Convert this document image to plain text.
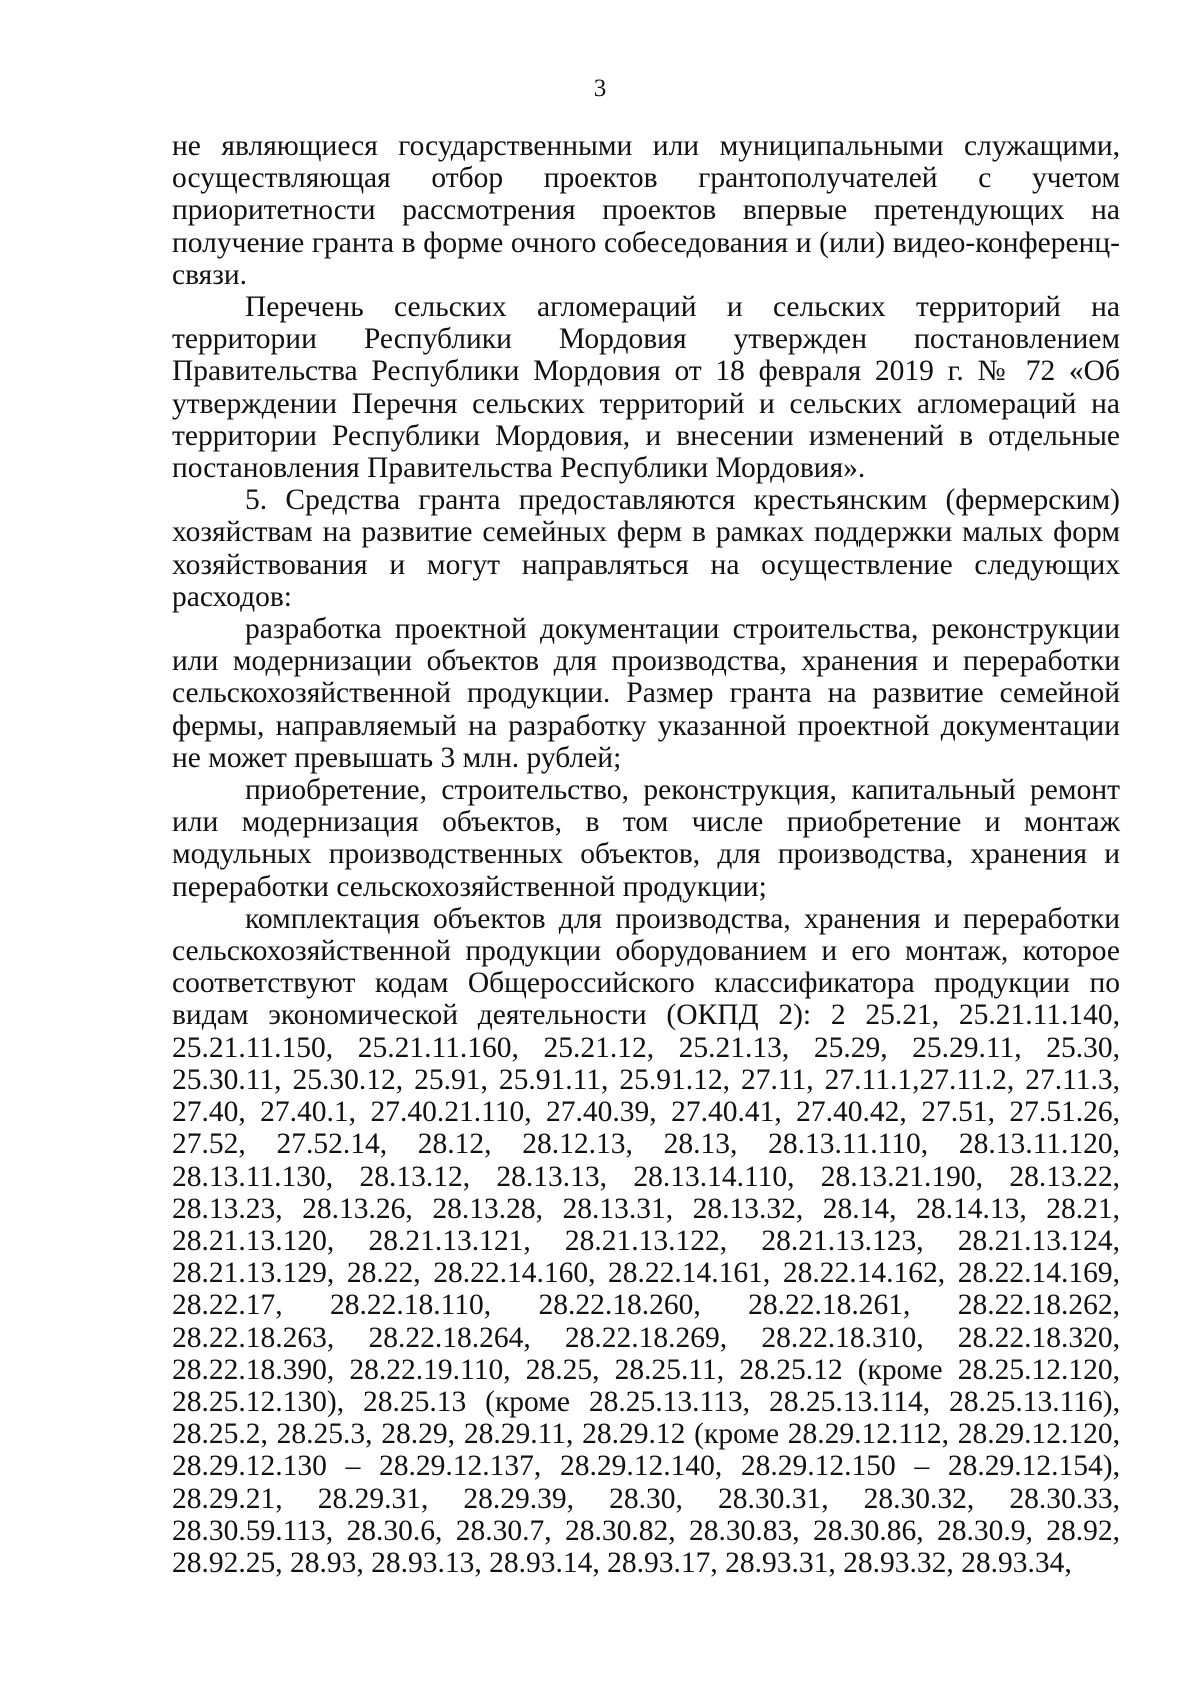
3

не являющиеся государственными или муниципальными служащими, осуществляющая отбор проектов грантополучателей с учетом приоритетности рассмотрения проектов впервые претендующих на получение гранта в форме очного собеседования и (или) видео-конференц-связи.

Перечень сельских агломераций и сельских территорий на территории Республики Мордовия утвержден постановлением Правительства Республики Мордовия от 18 февраля 2019 г. № 72 «Об утверждении Перечня сельских территорий и сельских агломераций на территории Республики Мордовия, и внесении изменений в отдельные постановления Правительства Республики Мордовия».

5. Средства гранта предоставляются крестьянским (фермерским) хозяйствам на развитие семейных ферм в рамках поддержки малых форм хозяйствования и могут направляться на осуществление следующих расходов:

разработка проектной документации строительства, реконструкции или модернизации объектов для производства, хранения и переработки сельскохозяйственной продукции. Размер гранта на развитие семейной фермы, направляемый на разработку указанной проектной документации не может превышать 3 млн. рублей;

приобретение, строительство, реконструкция, капитальный ремонт или модернизация объектов, в том числе приобретение и монтаж модульных производственных объектов, для производства, хранения и переработки сельскохозяйственной продукции;

комплектация объектов для производства, хранения и переработки сельскохозяйственной продукции оборудованием и его монтаж, которое соответствуют кодам Общероссийского классификатора продукции по видам экономической деятельности (ОКПД 2): 2 25.21, 25.21.11.140, 25.21.11.150, 25.21.11.160, 25.21.12, 25.21.13, 25.29, 25.29.11, 25.30, 25.30.11, 25.30.12, 25.91, 25.91.11, 25.91.12, 27.11, 27.11.1,27.11.2, 27.11.3, 27.40, 27.40.1, 27.40.21.110, 27.40.39, 27.40.41, 27.40.42, 27.51, 27.51.26, 27.52, 27.52.14, 28.12, 28.12.13, 28.13, 28.13.11.110, 28.13.11.120, 28.13.11.130, 28.13.12, 28.13.13, 28.13.14.110, 28.13.21.190, 28.13.22, 28.13.23, 28.13.26, 28.13.28, 28.13.31, 28.13.32, 28.14, 28.14.13, 28.21, 28.21.13.120, 28.21.13.121, 28.21.13.122, 28.21.13.123, 28.21.13.124, 28.21.13.129, 28.22, 28.22.14.160, 28.22.14.161, 28.22.14.162, 28.22.14.169, 28.22.17, 28.22.18.110, 28.22.18.260, 28.22.18.261, 28.22.18.262, 28.22.18.263, 28.22.18.264, 28.22.18.269, 28.22.18.310, 28.22.18.320, 28.22.18.390, 28.22.19.110, 28.25, 28.25.11, 28.25.12 (кроме 28.25.12.120, 28.25.12.130), 28.25.13 (кроме 28.25.13.113, 28.25.13.114, 28.25.13.116), 28.25.2, 28.25.3, 28.29, 28.29.11, 28.29.12 (кроме 28.29.12.112, 28.29.12.120, 28.29.12.130 – 28.29.12.137, 28.29.12.140, 28.29.12.150 – 28.29.12.154), 28.29.21, 28.29.31, 28.29.39, 28.30, 28.30.31, 28.30.32, 28.30.33, 28.30.59.113, 28.30.6, 28.30.7, 28.30.82, 28.30.83, 28.30.86, 28.30.9, 28.92, 28.92.25, 28.93, 28.93.13, 28.93.14, 28.93.17, 28.93.31, 28.93.32, 28.93.34,
